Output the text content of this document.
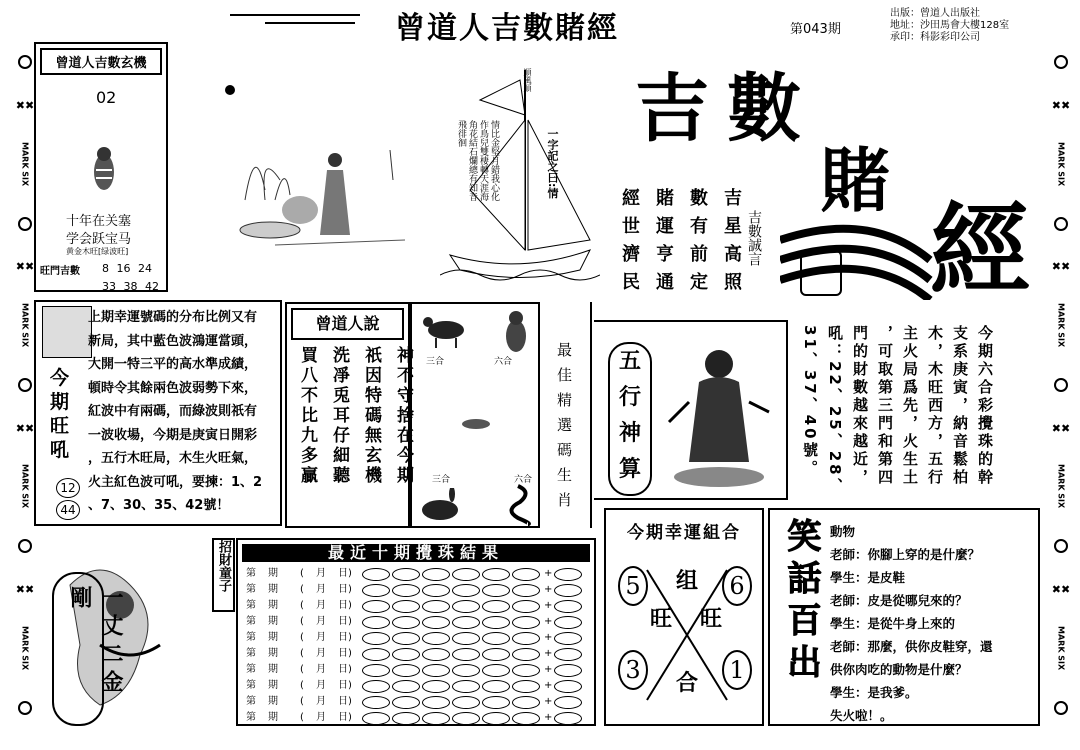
✖✖
MARK SIX
✖✖
MARK SIX
✖✖
MARK SIX
✖✖
MARK SIX
✖✖
MARK SIX
✖✖
MARK SIX
✖✖
MARK SIX
✖✖
MARK SIX
曾道人吉數賭經	第043期
出版：曾道人出版社
地址：沙田馬會大樓128室
承印：科影彩印公司
曾道人吉數玄機
02
十年在关塞
学会跃宝马
黄金木旺[绿波旺]
旺門吉數 8 16 24
33 38 42
順風順
情比金堅月錯我心化作鳥兒雙棲轉天涯海角花結石爛總有知音飛徘徊	一字記之曰:情
吉數
賭
經
吉數誠言
吉星高照
數有前定
賭運亨通
經世濟民
今
期
旺
吼
12
44
上期幸運號碼的分布比例又有
新局，其中藍色波鴻運當頭，
大開一特三平的高水準成績，
頓時令其餘兩色波弱勢下來，
紅波中有兩碼，而綠波則祇有
一波收場，今期是庚寅日開彩
，五行木旺局，木生火旺氣，
火主紅色波可吼，要揀：1、2
、7、30、35、42號！
曾道人說
神不守捨在今期
祇因特碼無玄機
洗凈兎耳仔細聽
買八不比九多贏	三合	六合
三合	六合 最佳精選碼生肖	五行神算	今期六合彩攪珠的幹
支系庚寅，納音鬆柏
木，木旺西方，五行
主火局爲先，火生土
，可取第三門和第四
門的財數越來越近，
吼：22、25、28、
31、37、40號。
一丈二金剛
招財童子	最近十期攪珠結果
第	期	(	月	日)	+
第	期	(	月	日)	+
第	期	(	月	日)	+
第	期	(	月	日)	+
第	期	(	月	日)	+
第	期	(	月	日)	+
第	期	(	月	日)	+
第	期	(	月	日)	+
第	期	(	月	日)	+
第	期	(	月	日)	+
今期幸運組合
5	6
3	1
组
旺 旺
合 笑話百出 動物
老師：你腳上穿的是什麼？
學生：是皮鞋
老師：皮是從哪兒來的？
學生：是從牛身上來的
老師：那麼，供你皮鞋穿，還
供你肉吃的動物是什麼？
學生：是我爹。
失火啦！。
